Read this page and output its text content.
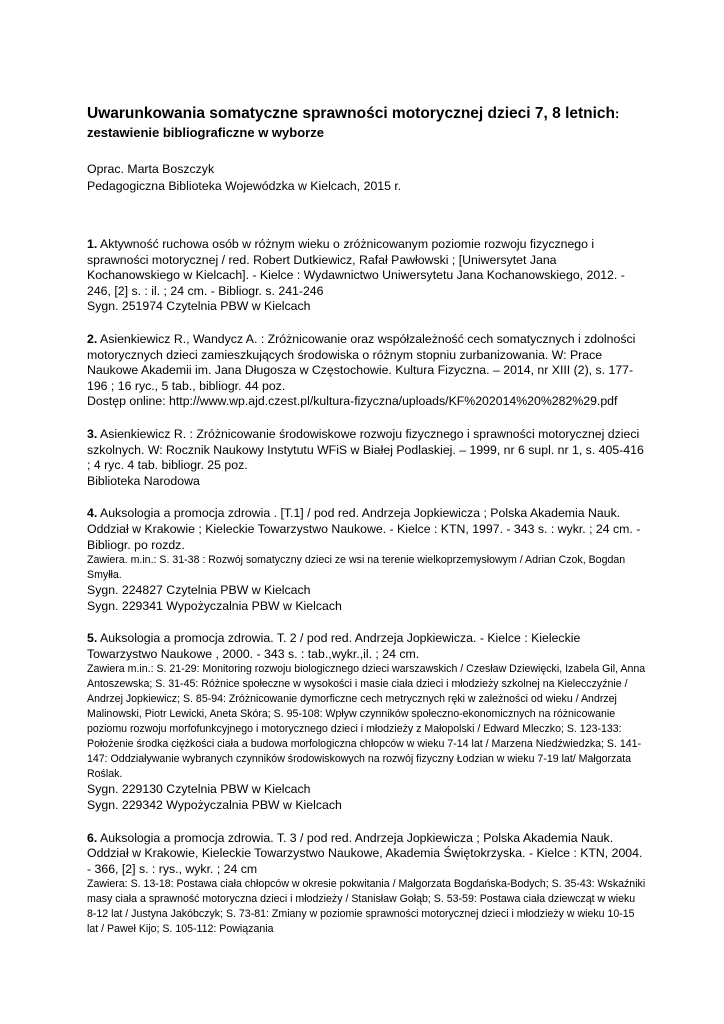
Uwarunkowania somatyczne sprawności motorycznej dzieci 7, 8 letnich: zestawienie bibliograficzne w wyborze
Oprac. Marta Boszczyk
Pedagogiczna Biblioteka Wojewódzka w Kielcach, 2015 r.
1. Aktywność ruchowa osób w różnym wieku o zróżnicowanym poziomie rozwoju fizycznego i sprawności motorycznej / red. Robert Dutkiewicz, Rafał Pawłowski ; [Uniwersytet Jana Kochanowskiego w Kielcach]. - Kielce : Wydawnictwo Uniwersytetu Jana Kochanowskiego, 2012. - 246, [2] s. : il. ; 24 cm. - Bibliogr. s. 241-246
Sygn. 251974 Czytelnia PBW w Kielcach
2. Asienkiewicz R., Wandycz A. : Zróżnicowanie oraz współzależność cech somatycznych i zdolności motorycznych dzieci zamieszkujących środowiska o różnym stopniu zurbanizowania. W: Prace Naukowe Akademii im. Jana Długosza w Częstochowie. Kultura Fizyczna. – 2014, nr XIII (2), s. 177-196 ; 16 ryc., 5 tab., bibliogr. 44 poz.
Dostęp online: http://www.wp.ajd.czest.pl/kultura-fizyczna/uploads/KF%202014%20%282%29.pdf
3. Asienkiewicz R. : Zróżnicowanie środowiskowe rozwoju fizycznego i sprawności motorycznej dzieci szkolnych. W: Rocznik Naukowy Instytutu WFiS w Białej Podlaskiej. – 1999, nr 6 supl. nr 1, s. 405-416 ; 4 ryc. 4 tab. bibliogr. 25 poz.
Biblioteka Narodowa
4. Auksologia a promocja zdrowia . [T.1] / pod red. Andrzeja Jopkiewicza ; Polska Akademia Nauk. Oddział w Krakowie ; Kieleckie Towarzystwo Naukowe. - Kielce : KTN, 1997. - 343 s. : wykr. ; 24 cm. - Bibliogr. po rozdz.
Zawiera. m.in.: S. 31-38 : Rozwój somatyczny dzieci ze wsi na terenie wielkoprzemysłowym / Adrian Czok, Bogdan Smyłła.
Sygn. 224827 Czytelnia PBW w Kielcach
Sygn. 229341 Wypożyczalnia PBW w Kielcach
5. Auksologia a promocja zdrowia. T. 2 / pod red. Andrzeja Jopkiewicza. - Kielce : Kieleckie Towarzystwo Naukowe , 2000. - 343 s. : tab.,wykr.,il. ; 24 cm.
Zawiera m.in.: S. 21-29: Monitoring rozwoju biologicznego dzieci warszawskich / Czesław Dziewięcki, Izabela Gil, Anna Antoszewska; S. 31-45: Różnice społeczne w wysokości i masie ciała dzieci i młodzieży szkolnej na Kielecczyźnie / Andrzej Jopkiewicz; S. 85-94: Zróżnicowanie dymorficzne cech metrycznych ręki w zależności od wieku / Andrzej Malinowski, Piotr Lewicki, Aneta Skóra; S. 95-108: Wpływ czynników społeczno-ekonomicznych na różnicowanie poziomu rozwoju morfofunkcyjnego i motorycznego dzieci i młodzieży z Małopolski / Edward Mleczko; S. 123-133: Położenie środka ciężkości ciała a budowa morfologiczna chłopców w wieku 7-14 lat / Marzena Niedźwiedzka; S. 141-147: Oddziaływanie wybranych czynników środowiskowych na rozwój fizyczny Łodzian w wieku 7-19 lat/ Małgorzata Roślak.
Sygn. 229130 Czytelnia PBW w Kielcach
Sygn. 229342 Wypożyczalnia PBW w Kielcach
6. Auksologia a promocja zdrowia. T. 3 / pod red. Andrzeja Jopkiewicza ; Polska Akademia Nauk. Oddział w Krakowie, Kieleckie Towarzystwo Naukowe, Akademia Świętokrzyska. - Kielce : KTN, 2004. - 366, [2] s. : rys., wykr. ; 24 cm
Zawiera: S. 13-18: Postawa ciała chłopców w okresie pokwitania / Małgorzata Bogdańska-Bodych; S. 35-43: Wskaźniki masy ciała a sprawność motoryczna dzieci i młodzieży / Stanisław Gołąb; S. 53-59: Postawa ciała dziewcząt w wieku 8-12 lat / Justyna Jakóbczyk; S. 73-81: Zmiany w poziomie sprawności motorycznej dzieci i młodzieży w wieku 10-15 lat / Paweł Kijo; S. 105-112: Powiązania
